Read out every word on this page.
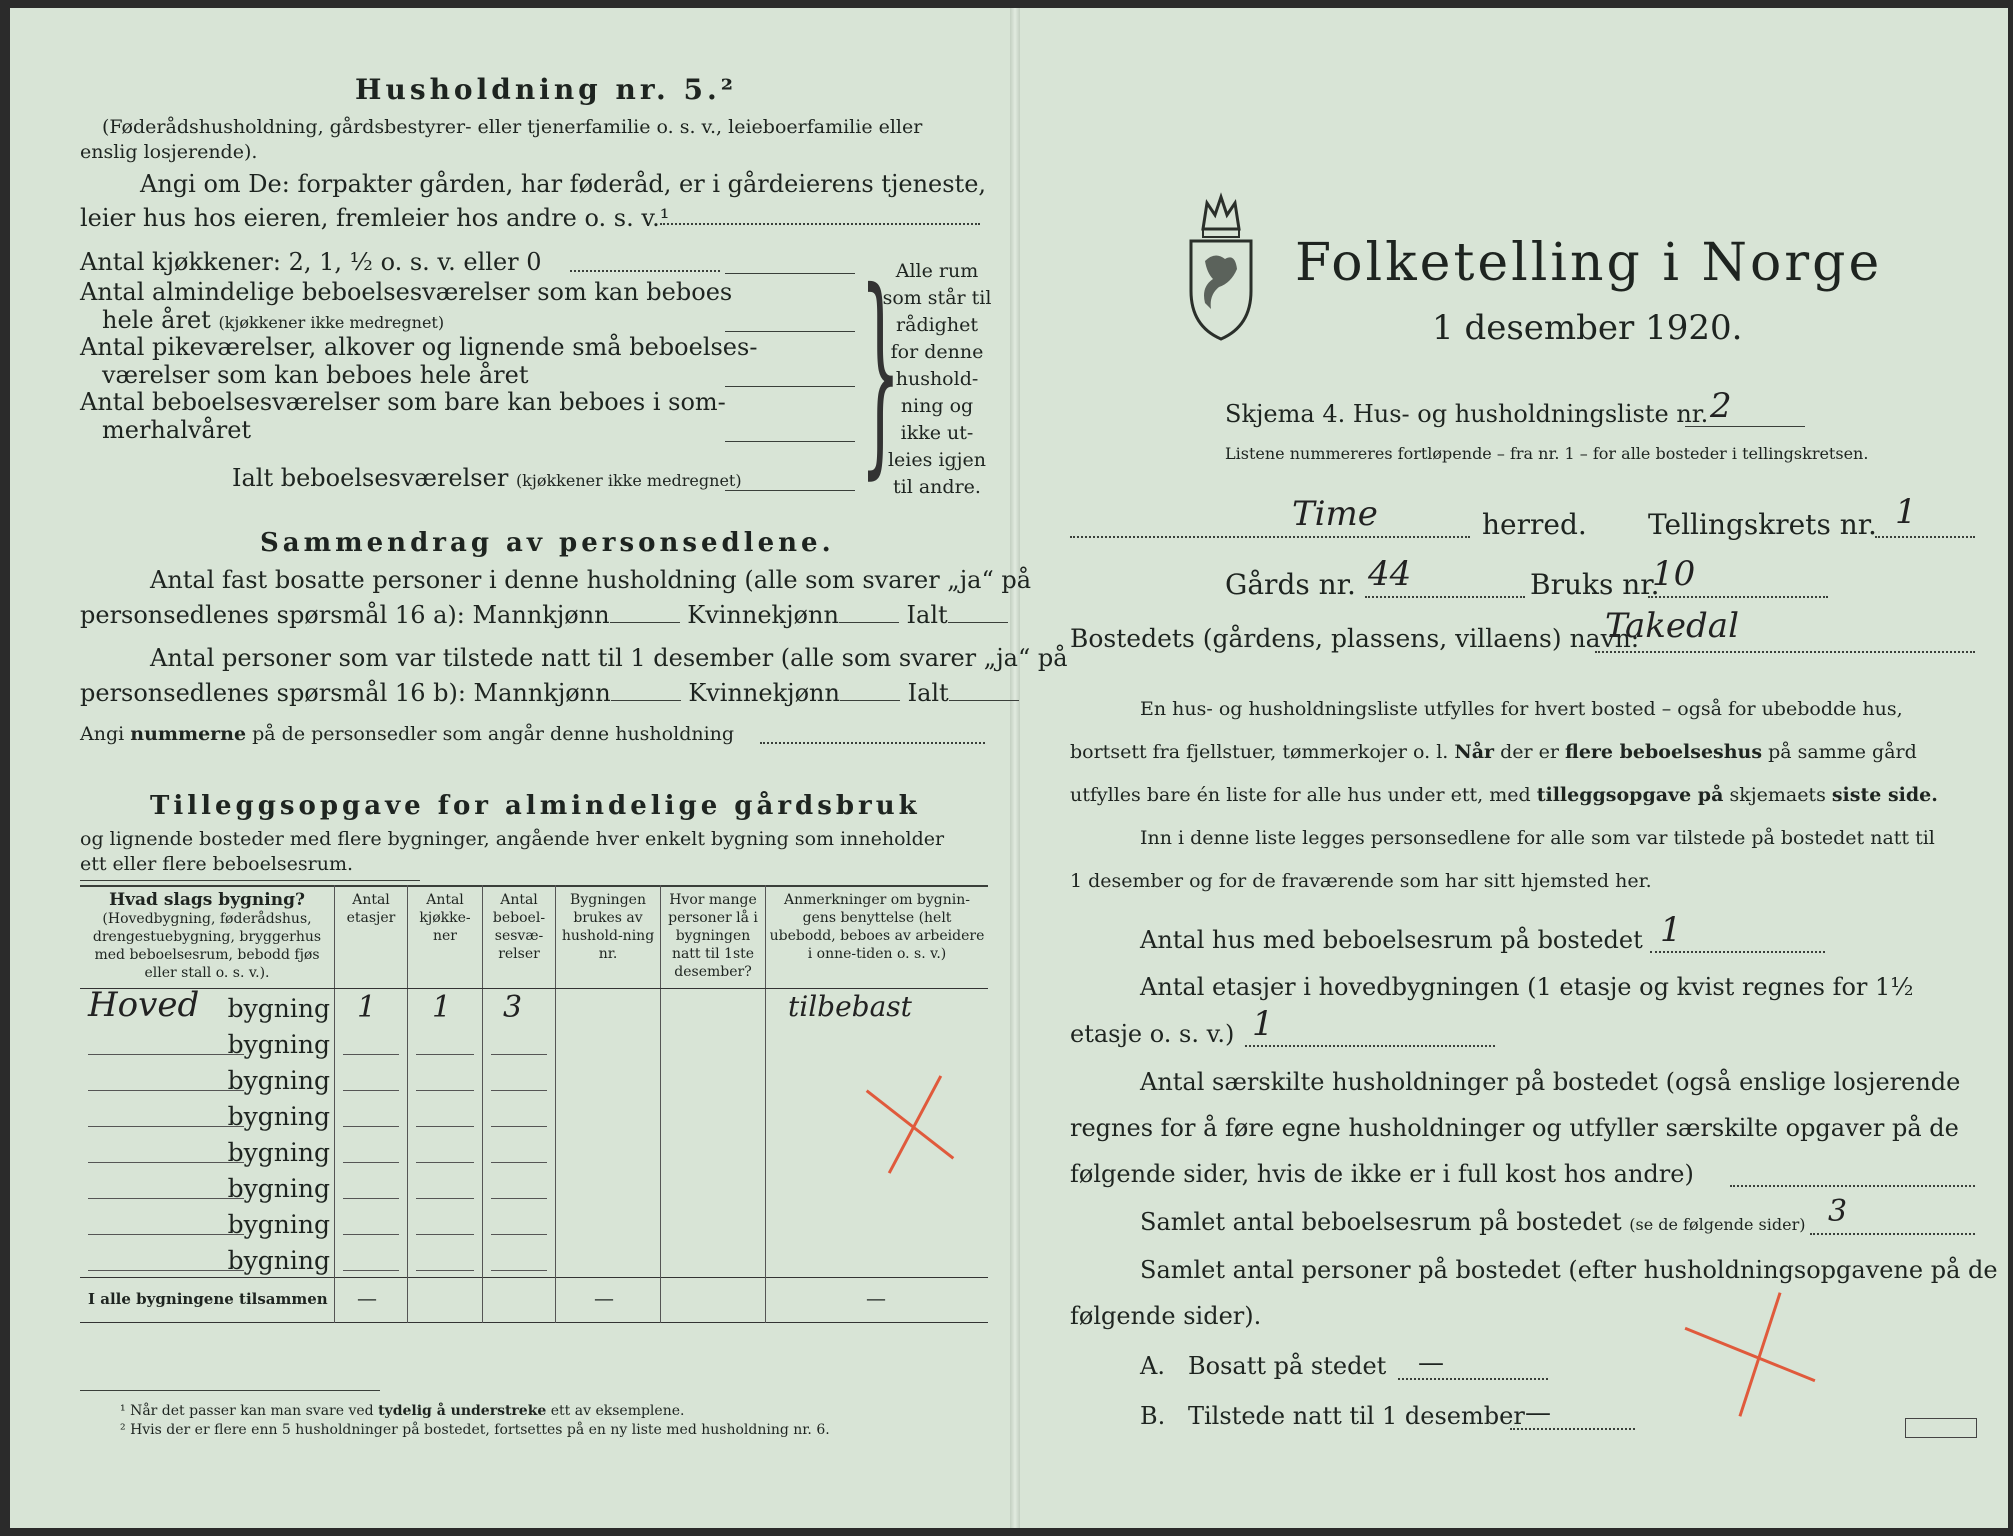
Husholdning nr. 5.²
(Føderådshusholdning, gårdsbestyrer- eller tjenerfamilie o. s. v., leieboerfamilie eller
enslig losjerende).
Angi om De: forpakter gården, har føderåd, er i gårdeierens tjeneste,
leier hus hos eieren, fremleier hos andre o. s. v.¹
Antal kjøkkener: 2, 1, ½ o. s. v. eller 0
Antal almindelige beboelsesværelser som kan beboes
hele året (kjøkkener ikke medregnet)
Antal pikeværelser, alkover og lignende små beboelses-
værelser som kan beboes hele året
Antal beboelsesværelser som bare kan beboes i som-
merhalvåret
Ialt beboelsesværelser (kjøkkener ikke medregnet) }
Alle rum
som står til
rådighet
for denne
hushold-
ning og
ikke ut-
leies igjen
til andre.
Sammendrag av personsedlene.
Antal fast bosatte personer i denne husholdning (alle som svarer „ja“ på
personsedlenes spørsmål 16 a): Mannkjønn	Kvinnekjønn	Ialt
Antal personer som var tilstede natt til 1 desember (alle som svarer „ja“ på
personsedlenes spørsmål 16 b): Mannkjønn	Kvinnekjønn	Ialt
Angi nummerne på de personsedler som angår denne husholdning
Tilleggsopgave for almindelige gårdsbruk
og lignende bosteder med flere bygninger, angående hver enkelt bygning som inneholder
ett eller flere beboelsesrum.
Hvad slags bygning?
(Hovedbygning, føderådshus, drengestuebygning, bryggerhus med beboelsesrum, bebodd fjøs eller stall o. s. v.).	Antal etasjer	Antal kjøkke-ner	Antal beboel-sesvæ-relser	Bygningen brukes av hushold-ning nr.	Hvor mange personer lå i bygningen natt til 1ste desember?	Anmerkninger om bygnin-gens benyttelse (helt ubebodd, beboes av arbeidere i onne-tiden o. s. v.)

Hoved bygning	1	1	3			tilbebast

bygning						

bygning						

bygning						

bygning						

bygning						

bygning						

bygning						

I alle bygningene tilsammen	—			—		—
¹ Når det passer kan man svare ved tydelig å understreke ett av eksemplene.
² Hvis der er flere enn 5 husholdninger på bostedet, fortsettes på en ny liste med husholdning nr. 6.
Folketelling i Norge
1 desember 1920.
Skjema 4. Hus- og husholdningsliste nr. 2
Listene nummereres fortløpende – fra nr. 1 – for alle bosteder i tellingskretsen.
Time	herred. Tellingskrets nr. 1
Gårds nr. 44	Bruks nr.
10
Bostedets (gårdens, plassens, villaens) navn:
Takedal
En hus- og husholdningsliste utfylles for hvert bosted – også for ubebodde hus,
bortsett fra fjellstuer, tømmerkojer o. l. Når der er flere beboelseshus på samme gård
utfylles bare én liste for alle hus under ett, med tilleggsopgave på skjemaets siste side.
Inn i denne liste legges personsedlene for alle som var tilstede på bostedet natt til
1 desember og for de fraværende som har sitt hjemsted her.
Antal hus med beboelsesrum på bostedet 1
Antal etasjer i hovedbygningen (1 etasje og kvist regnes for 1½
etasje o. s. v.) 1
Antal særskilte husholdninger på bostedet (også enslige losjerende
regnes for å føre egne husholdninger og utfyller særskilte opgaver på de
følgende sider, hvis de ikke er i full kost hos andre)
Samlet antal beboelsesrum på bostedet (se de følgende sider) 3
Samlet antal personer på bostedet (efter husholdningsopgavene på de
følgende sider).
A. Bosatt på stedet —
B. Tilstede natt til 1 desember —
